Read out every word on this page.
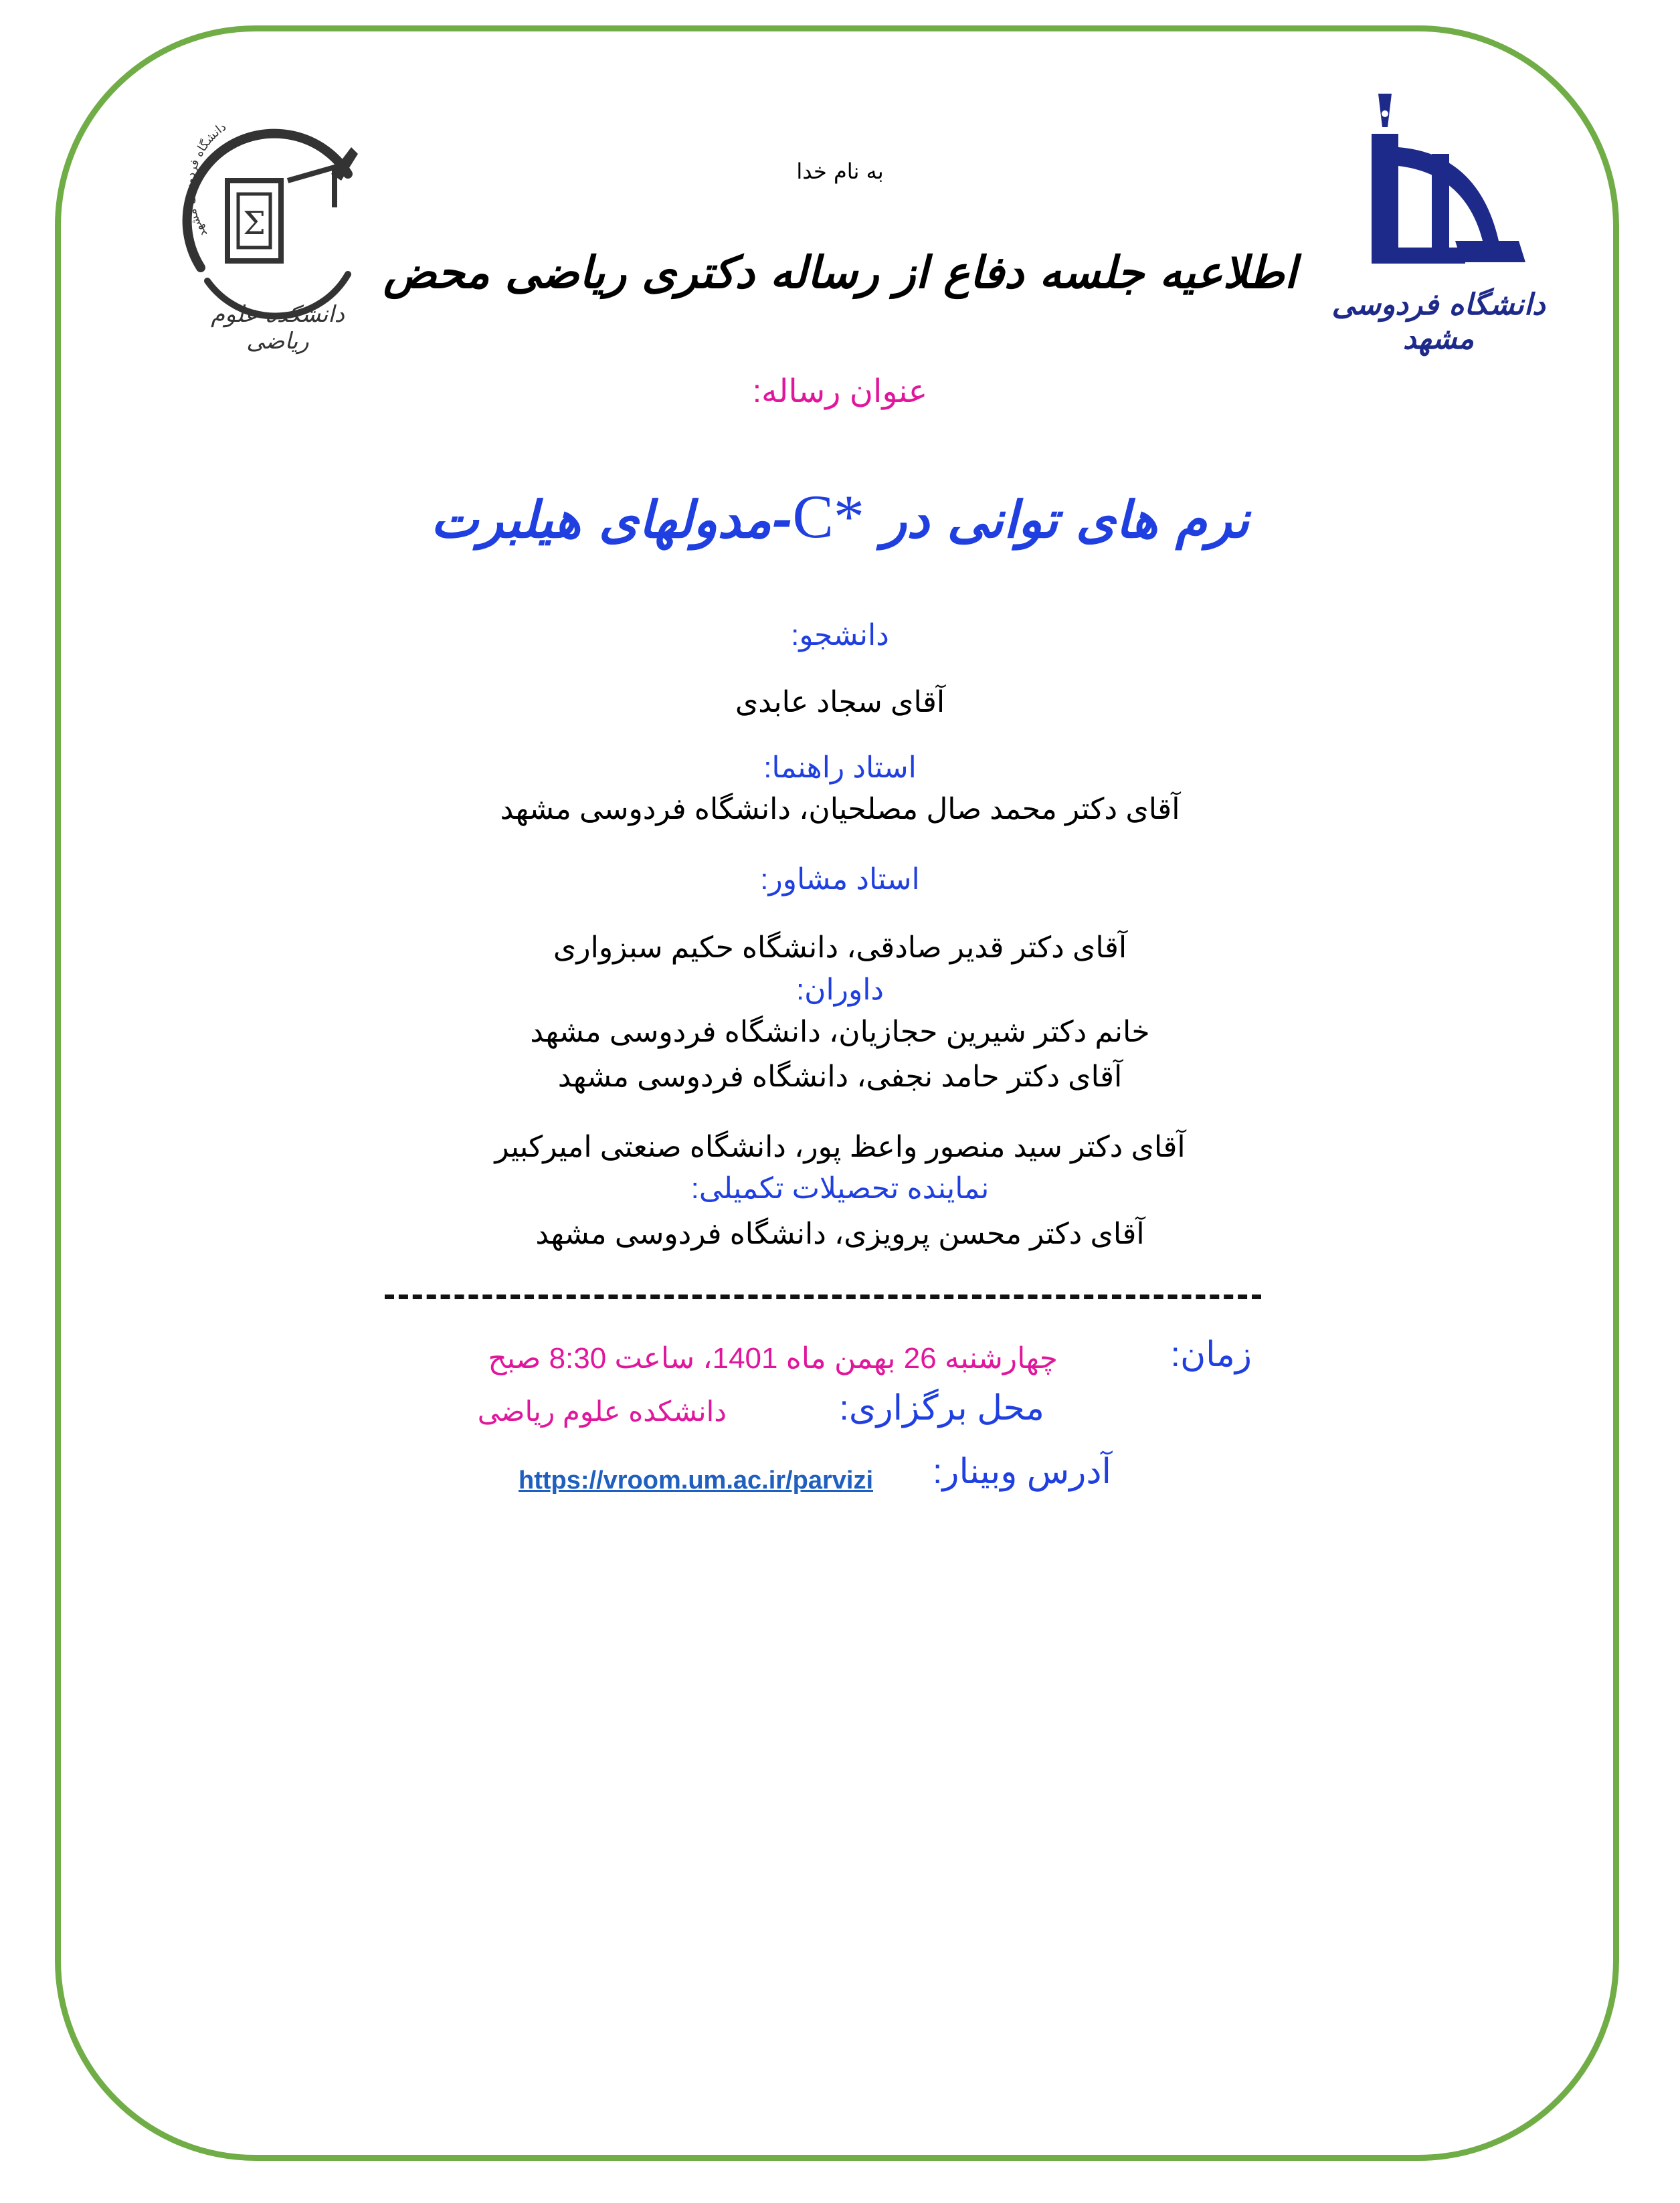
Σ
دانشگاه فردوسی مشهد
دانشکده علوم ریاضی
دانشگاه فردوسی مشهد
به نام خدا
اطلاعیه جلسه دفاع از رساله دکتری ریاضی محض
عنوان رساله:
نرم های توانی در C*-مدولهای هیلبرت
دانشجو:
آقای سجاد عابدی
استاد راهنما:
آقای دکتر محمد صال مصلحیان، دانشگاه فردوسی مشهد
استاد مشاور:
آقای دکتر قدیر صادقی، دانشگاه حکیم سبزواری
داوران:
خانم دکتر شیرین حجازیان، دانشگاه فردوسی مشهد
آقای دکتر حامد نجفی، دانشگاه فردوسی مشهد
آقای دکتر سید منصور واعظ پور، دانشگاه صنعتی امیرکبیر
نماینده تحصیلات تکمیلی:
آقای دکتر محسن پرویزی، دانشگاه فردوسی مشهد
زمان:
چهارشنبه 26 بهمن ماه 1401، ساعت 8:30 صبح
محل برگزاری:
دانشکده علوم ریاضی
آدرس وبینار:
https://vroom.um.ac.ir/parvizi
